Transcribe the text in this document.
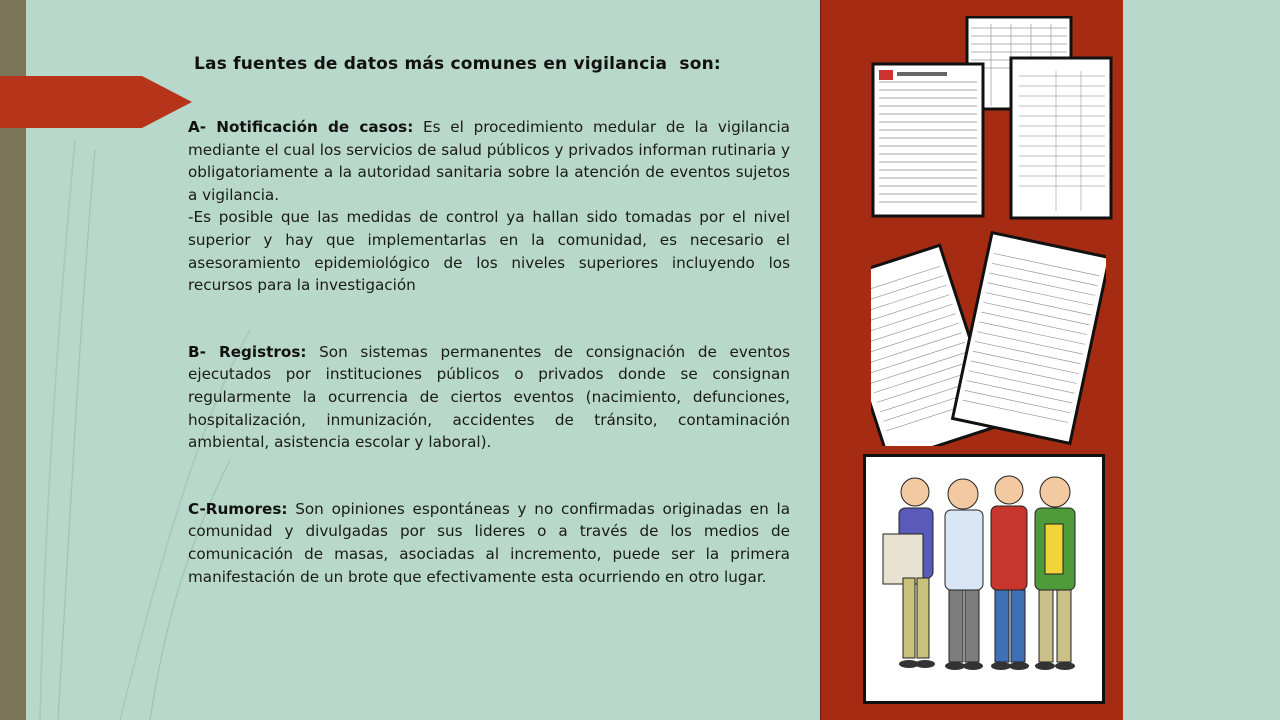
Las fuentes de datos más comunes en vigilancia  son:

A- Notificación de casos: Es el procedimiento medular de la vigilancia mediante el cual los servicios de salud públicos y privados informan rutinaria y obligatoriamente a la autoridad sanitaria sobre la atención de eventos sujetos a vigilancia.

-Es posible que las medidas de control ya hallan sido tomadas por el nivel superior y hay que implementarlas en la comunidad, es necesario el asesoramiento epidemiológico de los niveles superiores incluyendo los recursos para la investigación

B- Registros: Son sistemas permanentes de consignación de eventos ejecutados por instituciones públicos o privados donde se consignan regularmente la ocurrencia de ciertos eventos (nacimiento, defunciones, hospitalización, inmunización, accidentes de tránsito, contaminación ambiental, asistencia escolar y laboral).

C-Rumores: Son opiniones espontáneas y no confirmadas originadas en la comunidad y divulgadas por sus lideres o a través de los medios de comunicación de masas, asociadas al incremento, puede ser la primera manifestación de un brote que efectivamente esta ocurriendo en otro lugar.
